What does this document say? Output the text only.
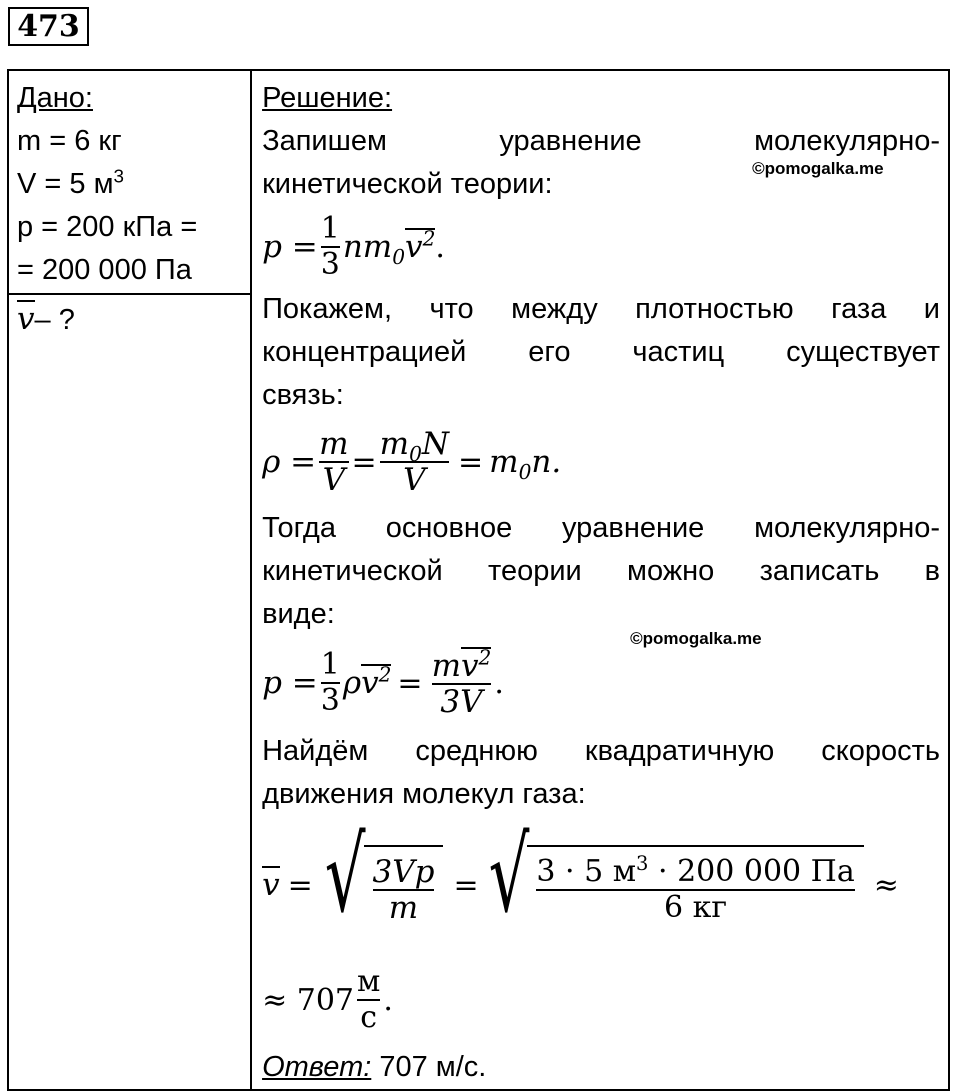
473
Дано:
m = 6 кг
V = 5 $м^3$
p = 200 кПа =
= 200 000 Па

Решение:
Запишем уравнение молекулярно-
кинетической теории:
$p = \frac{1}{3} nm_0v^2$ .
Покажем, что между плотностью газа и
концентрацией его частиц существует
связь:
$\rho = \frac{m}{V} = \frac{m_0N}{V} = m_0n$.
Тогда основное уравнение молекулярно-
кинетической теории можно записать в
виде:
$p = \frac{1}{3} \rho v^2 = \frac{mv^2}{3V}$ .
Найдём среднюю квадратичную скорость
движения молекул газа:
v = √ $\frac{3Vp}{m}$ = √ $\frac{3 \cdot 5 м^3 \cdot 200 000 Па}{6 кг}$ ≈
≈ $707 \frac{м}{с}$ .
Ответ: 707 м/с.
©pomogalka.me
©pomogalka.me

v– ?
